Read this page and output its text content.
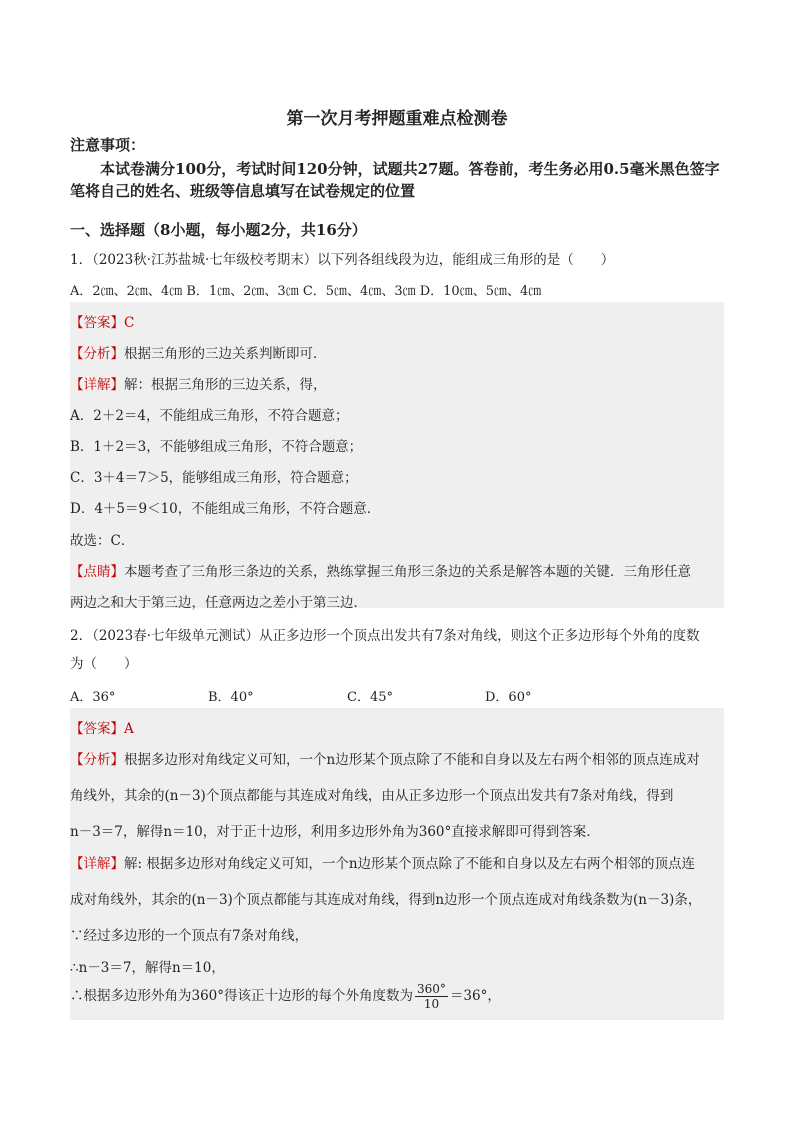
第一次月考押题重难点检测卷
注意事项：
本试卷满分100分，考试时间120分钟，试题共27题。答卷前，考生务必用0.5毫米黑色签字笔将自己的姓名、班级等信息填写在试卷规定的位置
一、选择题（8小题，每小题2分，共16分）
1．（2023秋·江苏盐城·七年级校考期末）以下列各组线段为边，能组成三角形的是（　　）
A．2㎝、2㎝、4㎝ B．1㎝、2㎝、3㎝ C．5㎝、4㎝、3㎝ D．10㎝、5㎝、4㎝
【答案】C
【分析】根据三角形的三边关系判断即可．
【详解】解：根据三角形的三边关系，得，
A．2＋2＝4，不能组成三角形，不符合题意；
B．1＋2＝3，不能够组成三角形，不符合题意；
C．3＋4＝7＞5，能够组成三角形，符合题意；
D．4＋5＝9＜10，不能组成三角形，不符合题意．
故选：C．
【点睛】本题考查了三角形三条边的关系，熟练掌握三角形三条边的关系是解答本题的关键．三角形任意
两边之和大于第三边，任意两边之差小于第三边．
2．（2023春·七年级单元测试）从正多边形一个顶点出发共有7条对角线，则这个正多边形每个外角的度数
为（　　）
A．36°	B．40°	C．45°	D．60°
【答案】A
【分析】根据多边形对角线定义可知，一个n边形某个顶点除了不能和自身以及左右两个相邻的顶点连成对
角线外，其余的(n－3)个顶点都能与其连成对角线，由从正多边形一个顶点出发共有7条对角线，得到
n－3＝7，解得n＝10，对于正十边形，利用多边形外角为360°直接求解即可得到答案．
【详解】解: 根据多边形对角线定义可知，一个n边形某个顶点除了不能和自身以及左右两个相邻的顶点连
成对角线外，其余的(n－3)个顶点都能与其连成对角线，得到n边形一个顶点连成对角线条数为(n－3)条，
∵经过多边形的一个顶点有7条对角线，
∴n－3＝7，解得n＝10，
∴根据多边形外角为360°得该正十边形的每个外角度数为 $\frac{360^\circ}{10} =36^\circ$，
